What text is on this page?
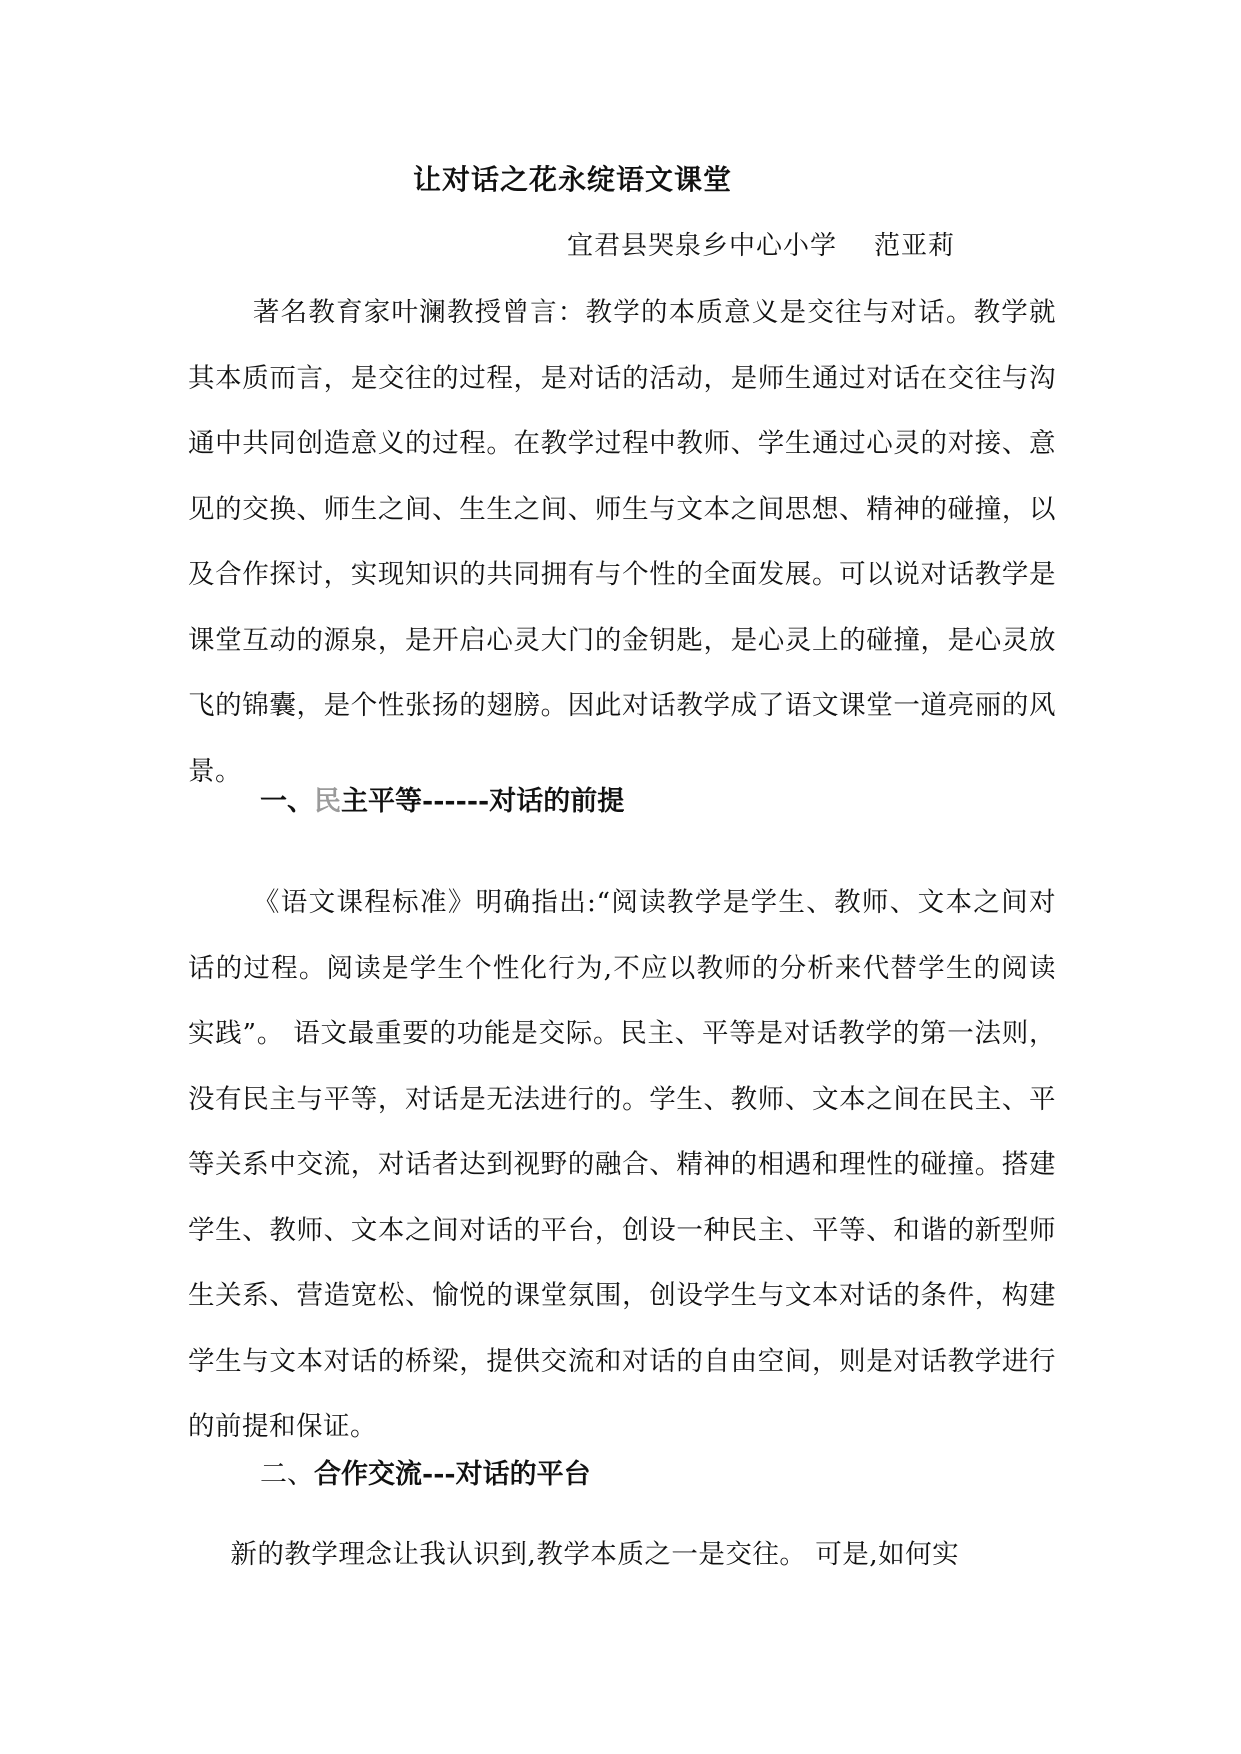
让对话之花永绽语文课堂
宜君县哭泉乡中心小学    范亚莉
著名教育家叶澜教授曾言：教学的本质意义是交往与对话。教学就其本质而言，是交往的过程，是对话的活动，是师生通过对话在交往与沟通中共同创造意义的过程。在教学过程中教师、学生通过心灵的对接、意见的交换、师生之间、生生之间、师生与文本之间思想、精神的碰撞，以及合作探讨，实现知识的共同拥有与个性的全面发展。可以说对话教学是课堂互动的源泉，是开启心灵大门的金钥匙，是心灵上的碰撞，是心灵放飞的锦囊，是个性张扬的翅膀。因此对话教学成了语文课堂一道亮丽的风景。
一、民主平等------对话的前提
《语文课程标准》明确指出:“阅读教学是学生、教师、文本之间对话的过程。阅读是学生个性化行为,不应以教师的分析来代替学生的阅读实践”。 语文最重要的功能是交际。民主、平等是对话教学的第一法则，没有民主与平等，对话是无法进行的。学生、教师、文本之间在民主、平等关系中交流，对话者达到视野的融合、精神的相遇和理性的碰撞。搭建学生、教师、文本之间对话的平台，创设一种民主、平等、和谐的新型师生关系、营造宽松、愉悦的课堂氛围，创设学生与文本对话的条件，构建学生与文本对话的桥梁，提供交流和对话的自由空间，则是对话教学进行的前提和保证。
二、合作交流---对话的平台
新的教学理念让我认识到,教学本质之一是交往。 可是,如何实
